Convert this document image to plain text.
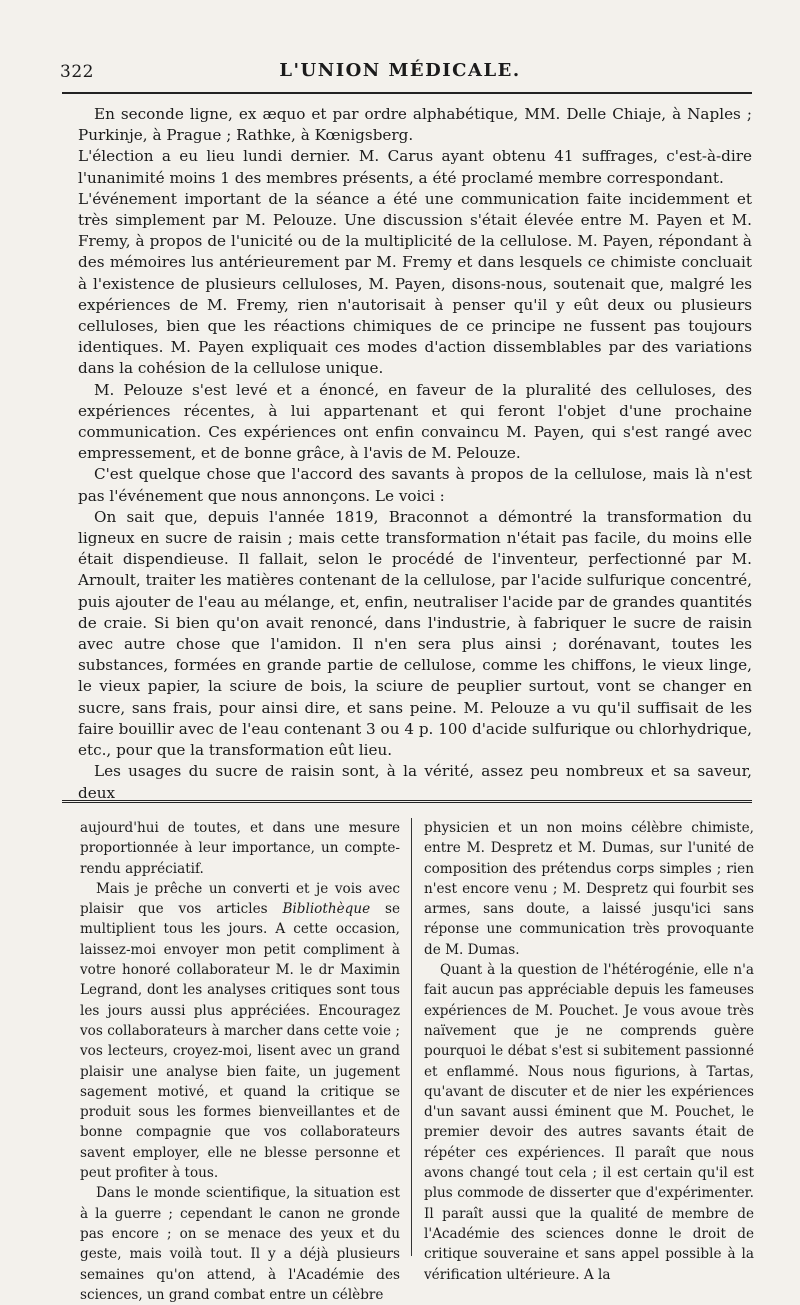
322	L'UNION MÉDICALE.

En seconde ligne, ex æquo et par ordre alphabétique, MM. Delle Chiaje, à Naples ; Purkinje, à Prague ; Rathke, à Kœnigsberg.

L'élection a eu lieu lundi dernier. M. Carus ayant obtenu 41 suffrages, c'est-à-dire l'unanimité moins 1 des membres présents, a été proclamé membre correspondant.

L'événement important de la séance a été une communication faite incidemment et très simplement par M. Pelouze. Une discussion s'était élevée entre M. Payen et M. Fremy, à propos de l'unicité ou de la multiplicité de la cellulose. M. Payen, répondant à des mémoires lus antérieurement par M. Fremy et dans lesquels ce chimiste concluait à l'existence de plusieurs celluloses, M. Payen, disons-nous, soutenait que, malgré les expériences de M. Fremy, rien n'autorisait à penser qu'il y eût deux ou plusieurs celluloses, bien que les réactions chimiques de ce principe ne fussent pas toujours identiques. M. Payen expliquait ces modes d'action dissemblables par des variations dans la cohésion de la cellulose unique.

M. Pelouze s'est levé et a énoncé, en faveur de la pluralité des celluloses, des expériences récentes, à lui appartenant et qui feront l'objet d'une prochaine communication. Ces expériences ont enfin convaincu M. Payen, qui s'est rangé avec empressement, et de bonne grâce, à l'avis de M. Pelouze.

C'est quelque chose que l'accord des savants à propos de la cellulose, mais là n'est pas l'événement que nous annonçons. Le voici :

On sait que, depuis l'année 1819, Braconnot a démontré la transformation du ligneux en sucre de raisin ; mais cette transformation n'était pas facile, du moins elle était dispendieuse. Il fallait, selon le procédé de l'inventeur, perfectionné par M. Arnoult, traiter les matières contenant de la cellulose, par l'acide sulfurique concentré, puis ajouter de l'eau au mélange, et, enfin, neutraliser l'acide par de grandes quantités de craie. Si bien qu'on avait renoncé, dans l'industrie, à fabriquer le sucre de raisin avec autre chose que l'amidon. Il n'en sera plus ainsi ; dorénavant, toutes les substances, formées en grande partie de cellulose, comme les chiffons, le vieux linge, le vieux papier, la sciure de bois, la sciure de peuplier surtout, vont se changer en sucre, sans frais, pour ainsi dire, et sans peine. M. Pelouze a vu qu'il suffisait de les faire bouillir avec de l'eau contenant 3 ou 4 p. 100 d'acide sulfurique ou chlorhydrique, etc., pour que la transformation eût lieu.

Les usages du sucre de raisin sont, à la vérité, assez peu nombreux et sa saveur, deux

aujourd'hui de toutes, et dans une mesure proportionnée à leur importance, un compte-rendu appréciatif.

Mais je prêche un converti et je vois avec plaisir que vos articles Bibliothèque se multiplient tous les jours. A cette occasion, laissez-moi envoyer mon petit compliment à votre honoré collaborateur M. le dr Maximin Legrand, dont les analyses critiques sont tous les jours aussi plus appréciées. Encouragez vos collaborateurs à marcher dans cette voie ; vos lecteurs, croyez-moi, lisent avec un grand plaisir une analyse bien faite, un jugement sagement motivé, et quand la critique se produit sous les formes bienveillantes et de bonne compagnie que vos collaborateurs savent employer, elle ne blesse personne et peut profiter à tous.

Dans le monde scientifique, la situation est à la guerre ; cependant le canon ne gronde pas encore ; on se menace des yeux et du geste, mais voilà tout. Il y a déjà plusieurs semaines qu'on attend, à l'Académie des sciences, un grand combat entre un célèbre

physicien et un non moins célèbre chimiste, entre M. Despretz et M. Dumas, sur l'unité de composition des prétendus corps simples ; rien n'est encore venu ; M. Despretz qui fourbit ses armes, sans doute, a laissé jusqu'ici sans réponse une communication très provoquante de M. Dumas.

Quant à la question de l'hétérogénie, elle n'a fait aucun pas appréciable depuis les fameuses expériences de M. Pouchet. Je vous avoue très naïvement que je ne comprends guère pourquoi le débat s'est si subitement passionné et enflammé. Nous nous figurions, à Tartas, qu'avant de discuter et de nier les expériences d'un savant aussi éminent que M. Pouchet, le premier devoir des autres savants était de répéter ces expériences. Il paraît que nous avons changé tout cela ; il est certain qu'il est plus commode de disserter que d'expérimenter. Il paraît aussi que la qualité de membre de l'Académie des sciences donne le droit de critique souveraine et sans appel possible à la vérification ultérieure. A la
